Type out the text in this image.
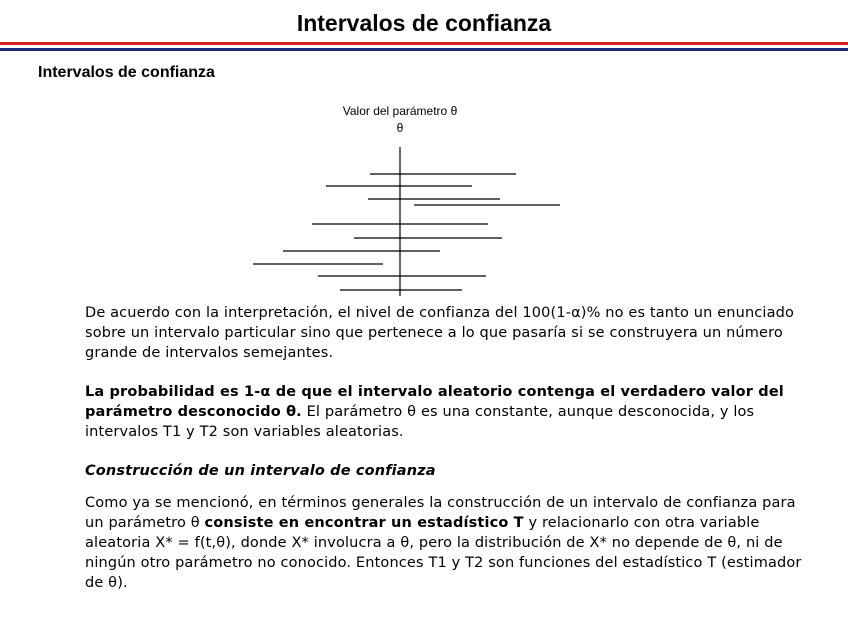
Intervalos de confianza
Intervalos de confianza
Valor del parámetro θ
θ
De acuerdo con la interpretación, el nivel de confianza del 100(1-α)% no es tanto un enunciado sobre un intervalo particular sino que pertenece a lo que pasaría si se construyera un número grande de intervalos semejantes.
La probabilidad es 1-α de que el intervalo aleatorio contenga el verdadero valor del parámetro desconocido θ. El parámetro θ es una constante, aunque desconocida, y los intervalos T1 y T2 son variables aleatorias.
Construcción de un intervalo de confianza
Como ya se mencionó, en términos generales la construcción de un intervalo de confianza para un parámetro θ consiste en encontrar un estadístico T y relacionarlo con otra variable aleatoria X* = f(t,θ), donde X* involucra a θ, pero la distribución de X* no depende de θ, ni de ningún otro parámetro no conocido. Entonces T1 y T2 son funciones del estadístico T (estimador de θ).
